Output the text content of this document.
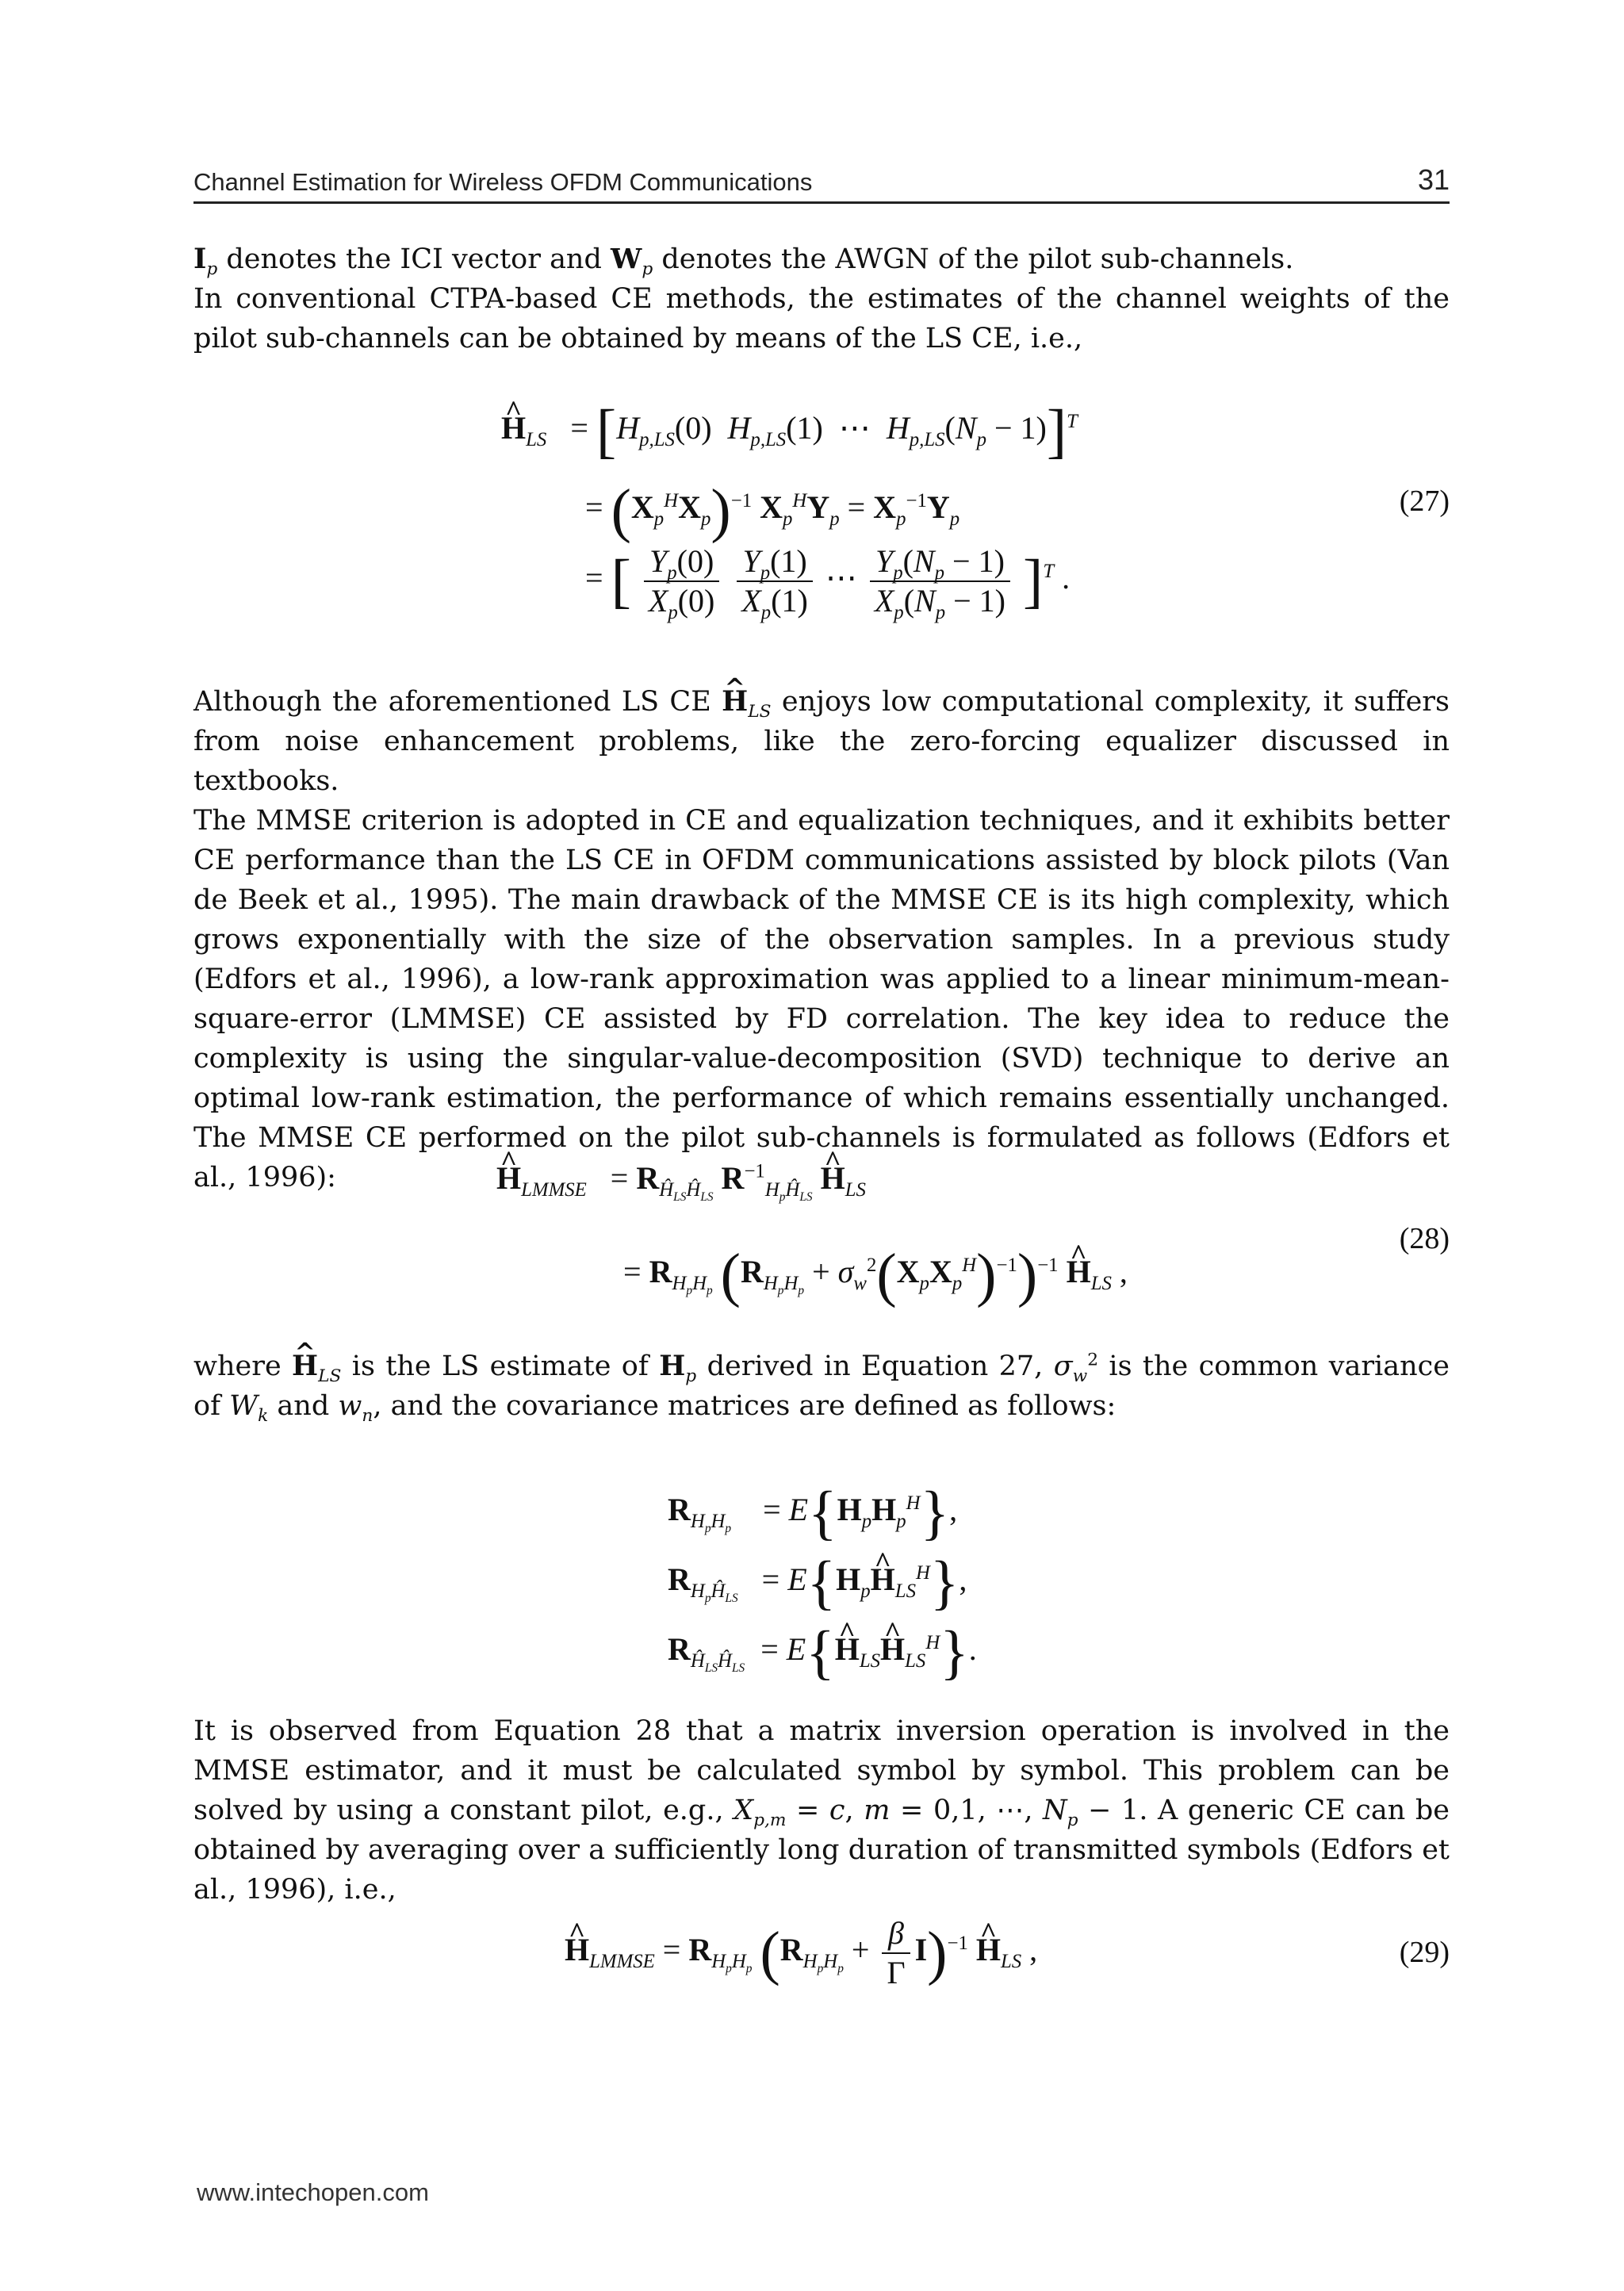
Channel Estimation for Wireless OFDM Communications	31

$I_p$ denotes the ICI vector and $W_p$ denotes the AWGN of the pilot sub-channels.

In conventional CTPA-based CE methods, the estimates of the channel weights of the pilot sub-channels can be obtained by means of the LS CE, i.e.,

^ $H_{LS} = [H_{p,LS}(0)$  $H_{p,LS}(1)$  ⋯  $H_{p,LS}(N_p - 1)]^T$
= $(X_p^HX_p)^{-1}$ $X_p^HY_p = X_p^{-1}Y_p$
(27)
= [ $\frac{Y_p(0)}{X_p(0)}$
$\frac{Y_p(1)}{X_p(1)}$ ⋯ $\frac{Y_p(N_p - 1)}{X_p(N_p - 1)} ]^T$ .

Although the aforementioned LS CE ^ $H_{LS}$ enjoys low computational complexity, it suffers from noise enhancement problems, like the zero-forcing equalizer discussed in textbooks.

The MMSE criterion is adopted in CE and equalization techniques, and it exhibits better CE performance than the LS CE in OFDM communications assisted by block pilots (Van de Beek et al., 1995). The main drawback of the MMSE CE is its high complexity, which grows exponentially with the size of the observation samples. In a previous study (Edfors et al., 1996), a low-rank approximation was applied to a linear minimum-mean-square-error (LMMSE) CE assisted by FD correlation. The key idea to reduce the complexity is using the singular-value-decomposition (SVD) technique to derive an optimal low-rank estimation, the performance of which remains essentially unchanged. The MMSE CE performed on the pilot sub-channels is formulated as follows (Edfors et al., 1996):	^ $H_{LMMSE} = R_{Ĥ_{LS}Ĥ_{LS}}$ $R^{-1}_{H_pĤ_{LS}}$ ^ $H_{LS}$
(28)
= $R_{H_pH_p}$ $(R_{H_pH_p} + \sigma_w^2(X_pX_p^H)^{-1})^{-1}$ ^ $H_{LS}$ ,

where ^ $H_{LS}$ is the LS estimate of $H_p$ derived in Equation 27, $\sigma_w^2$ is the common variance of $W_k$ and $w_n$, and the covariance matrices are defined as follows:

$R_{H_pH_p}$    = $E\{H_pH_p^H\}$,
$R_{H_pĤ_{LS}}$   = $E\{H_p\^{}$ $H_{LS}^H$},
$R_{Ĥ_{LS}Ĥ_{LS}}$  = E{^ $H_{LS}\^{}$ $H_{LS}^H$}.

It is observed from Equation 28 that a matrix inversion operation is involved in the MMSE estimator, and it must be calculated symbol by symbol. This problem can be solved by using a constant pilot, e.g., $X_{p,m} = c$, m = 0,1, ⋯, $N_p - 1$. A generic CE can be obtained by averaging over a sufficiently long duration of transmitted symbols (Edfors et al., 1996), i.e.,

^ $H_{LMMSE} = R_{H_pH_p}$ $(R_{H_pH_p} + \frac{\beta}{\Gamma} I)^{-1}$ ^ $H_{LS}$ ,	(29)
www.intechopen.com
